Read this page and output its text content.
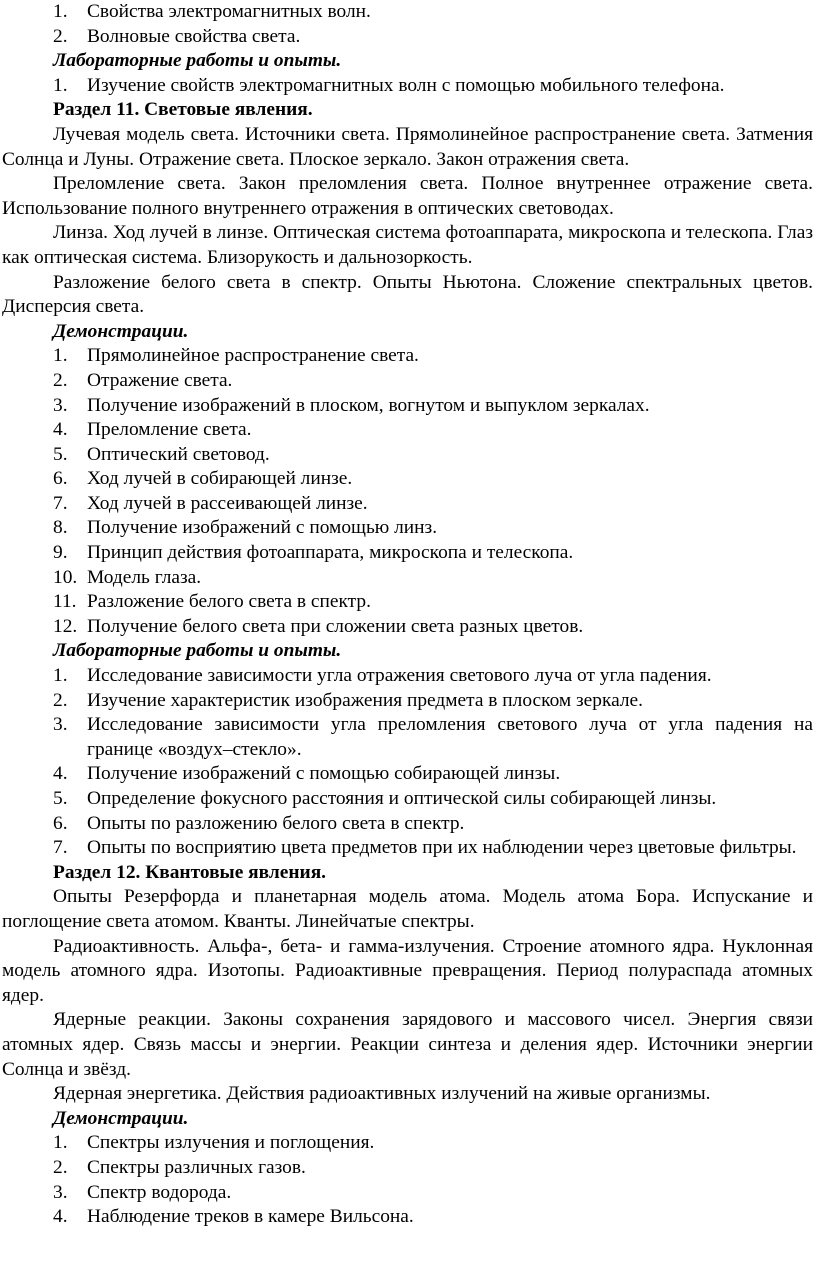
1.	Свойства электромагнитных волн.
2.	Волновые свойства света.
Лабораторные работы и опыты.
1.	Изучение свойств электромагнитных волн с помощью мобильного телефона.
Раздел 11. Световые явления.
Лучевая модель света. Источники света. Прямолинейное распространение света. Затмения Солнца и Луны. Отражение света. Плоское зеркало. Закон отражения света.
Преломление света. Закон преломления света. Полное внутреннее отражение света. Использование полного внутреннего отражения в оптических световодах.
Линза. Ход лучей в линзе. Оптическая система фотоаппарата, микроскопа и телескопа. Глаз как оптическая система. Близорукость и дальнозоркость.
Разложение белого света в спектр. Опыты Ньютона. Сложение спектральных цветов. Дисперсия света.
Демонстрации.
1.	Прямолинейное распространение света.
2.	Отражение света.
3.	Получение изображений в плоском, вогнутом и выпуклом зеркалах.
4.	Преломление света.
5.	Оптический световод.
6.	Ход лучей в собирающей линзе.
7.	Ход лучей в рассеивающей линзе.
8.	Получение изображений с помощью линз.
9.	Принцип действия фотоаппарата, микроскопа и телескопа.
10. Модель глаза.
11. Разложение белого света в спектр.
12. Получение белого света при сложении света разных цветов.
Лабораторные работы и опыты.
1.	Исследование зависимости угла отражения светового луча от угла падения.
2.	Изучение характеристик изображения предмета в плоском зеркале.
3.	Исследование зависимости угла преломления светового луча от угла падения на границе «воздух–стекло».
4.	Получение изображений с помощью собирающей линзы.
5.	Определение фокусного расстояния и оптической силы собирающей линзы.
6.	Опыты по разложению белого света в спектр.
7.	Опыты по восприятию цвета предметов при их наблюдении через цветовые фильтры.
Раздел 12. Квантовые явления.
Опыты Резерфорда и планетарная модель атома. Модель атома Бора. Испускание и поглощение света атомом. Кванты. Линейчатые спектры.
Радиоактивность. Альфа-, бета- и гамма-излучения. Строение атомного ядра. Нуклонная модель атомного ядра. Изотопы. Радиоактивные превращения. Период полураспада атомных ядер.
Ядерные реакции. Законы сохранения зарядового и массового чисел. Энергия связи атомных ядер. Связь массы и энергии. Реакции синтеза и деления ядер. Источники энергии Солнца и звёзд.
Ядерная энергетика. Действия радиоактивных излучений на живые организмы.
Демонстрации.
1.	Спектры излучения и поглощения.
2.	Спектры различных газов.
3.	Спектр водорода.
4.	Наблюдение треков в камере Вильсона.
